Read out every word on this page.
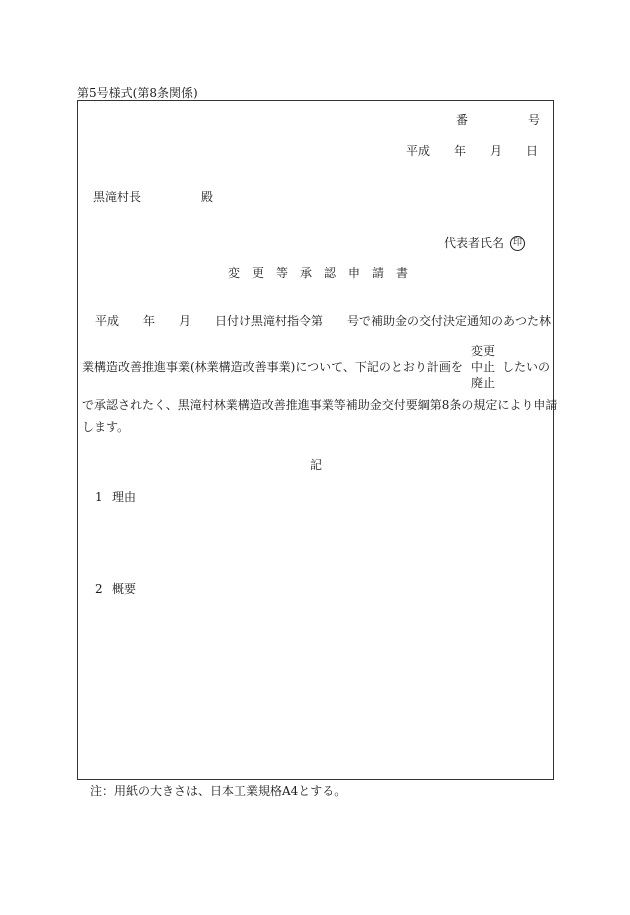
第5号様式(第8条関係)
番　　　　　号
平成　　年　　月　　日
黒滝村長　　　　　殿
代表者氏名 印
変　更　等　承　認　申　請　書
平成　　年　　月　　日付け黒滝村指令第　　号で補助金の交付決定通知のあつた林
変更
業構造改善推進事業(林業構造改善事業)について、下記のとおり計画を 中止 したいの
廃止
で承認されたく、黒滝村林業構造改善推進事業等補助金交付要綱第8条の規定により申請
します。
記
1 理由
2 概要
注：用紙の大きさは、日本工業規格A4とする。
